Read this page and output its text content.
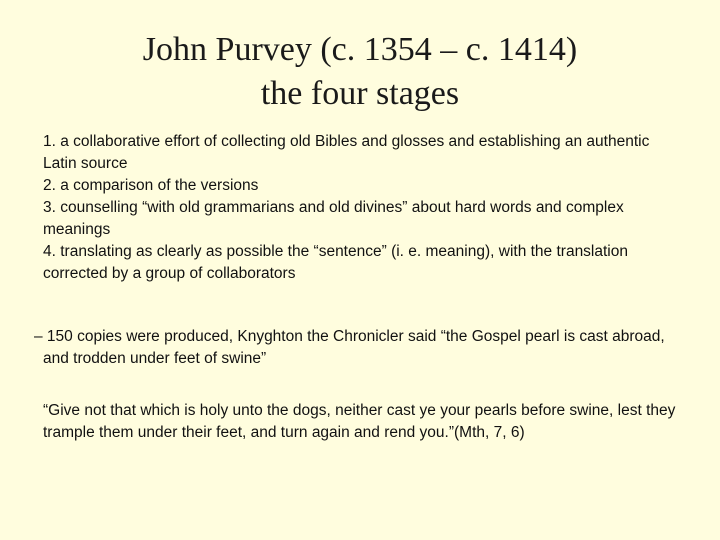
John Purvey (c. 1354 – c. 1414)
the four stages

1. a collaborative effort of collecting old Bibles and glosses and establishing an authentic Latin source

2. a comparison of the versions

3. counselling “with old grammarians and old divines” about hard words and complex meanings

4. translating as clearly as possible the “sentence” (i. e. meaning), with the translation corrected by a group of collaborators

– 150 copies were produced, Knyghton the Chronicler said “the Gospel pearl is cast abroad, and trodden under feet of swine”
“Give not that which is holy unto the dogs, neither cast ye your pearls before swine, lest they trample them under their feet, and turn again and rend you.”(Mth, 7, 6)
